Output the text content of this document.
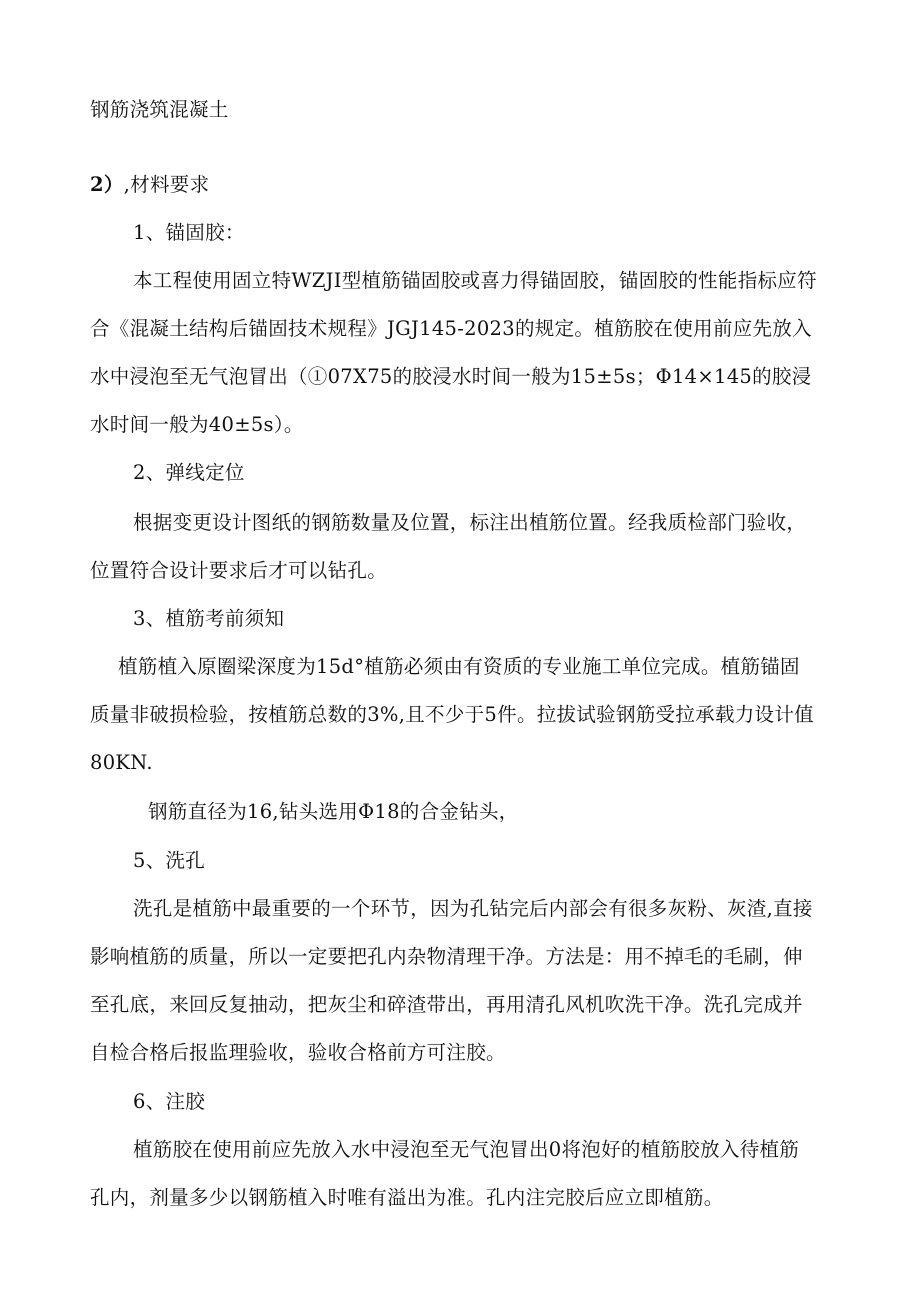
钢筋浇筑混凝土
2）,材料要求
1、锚固胶：
本工程使用固立特WZJI型植筋锚固胶或喜力得锚固胶，锚固胶的性能指标应符
合《混凝土结构后锚固技术规程》JGJ145-2023的规定。植筋胶在使用前应先放入
水中浸泡至无气泡冒出（①07X75的胶浸水时间一般为15±5s；Φ14×145的胶浸
水时间一般为40±5s）。
2、弹线定位
根据变更设计图纸的钢筋数量及位置，标注出植筋位置。经我质检部门验收，
位置符合设计要求后才可以钻孔。
3、植筋考前须知
植筋植入原圈梁深度为15d°植筋必须由有资质的专业施工单位完成。植筋锚固
质量非破损检验，按植筋总数的3%,且不少于5件。拉拔试验钢筋受拉承载力设计值
80KN.
钢筋直径为16,钻头选用Φ18的合金钻头，
5、洗孔
洗孔是植筋中最重要的一个环节，因为孔钻完后内部会有很多灰粉、灰渣,直接
影响植筋的质量，所以一定要把孔内杂物清理干净。方法是：用不掉毛的毛刷，伸
至孔底，来回反复抽动，把灰尘和碎渣带出，再用清孔风机吹洗干净。洗孔完成并
自检合格后报监理验收，验收合格前方可注胶。
6、注胶
植筋胶在使用前应先放入水中浸泡至无气泡冒出0将泡好的植筋胶放入待植筋
孔内，剂量多少以钢筋植入时唯有溢出为准。孔内注完胶后应立即植筋。
